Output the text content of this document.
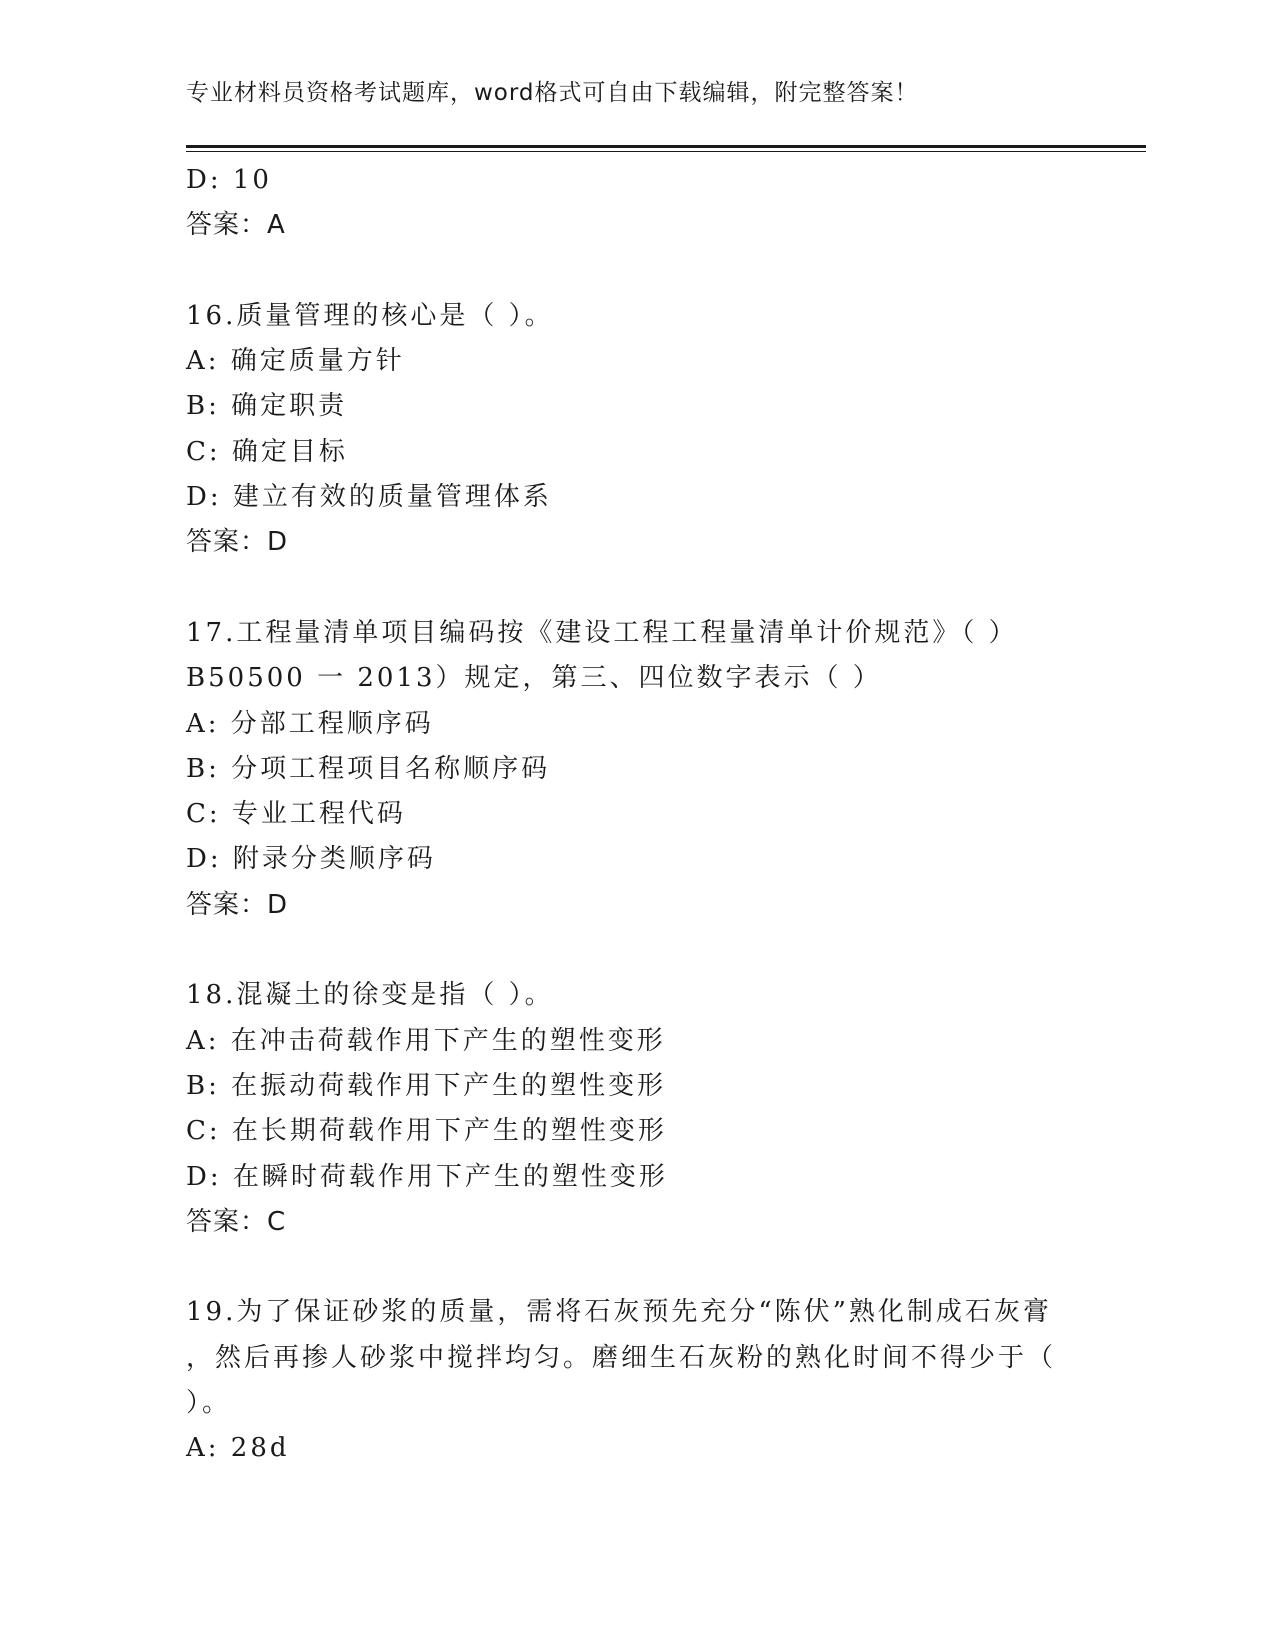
专业材料员资格考试题库，word格式可自由下载编辑，附完整答案！
D: 10
答案：A
16.质量管理的核心是（ ）。
A: 确定质量方针
B: 确定职责
C: 确定目标
D: 建立有效的质量管理体系
答案：D
17.工程量清单项目编码按《建设工程工程量清单计价规范》（ ）
B50500 一 2013）规定，第三、四位数字表示（ ）
A: 分部工程顺序码
B: 分项工程项目名称顺序码
C: 专业工程代码
D: 附录分类顺序码
答案：D
18.混凝土的徐变是指（ ）。
A: 在冲击荷载作用下产生的塑性变形
B: 在振动荷载作用下产生的塑性变形
C: 在长期荷载作用下产生的塑性变形
D: 在瞬时荷载作用下产生的塑性变形
答案：C
19.为了保证砂浆的质量，需将石灰预先充分“陈伏”熟化制成石灰膏
，然后再掺人砂浆中搅拌均匀。磨细生石灰粉的熟化时间不得少于（
）。
A: 28d
